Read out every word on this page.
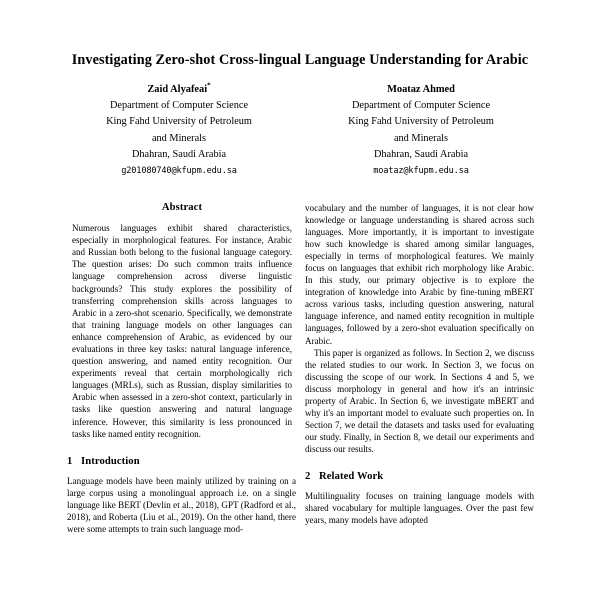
Investigating Zero-shot Cross-lingual Language Understanding for Arabic
Zaid Alyafeai*
Department of Computer Science
King Fahd University of Petroleum
and Minerals
Dhahran, Saudi Arabia
g201080740@kfupm.edu.sa
Moataz Ahmed
Department of Computer Science
King Fahd University of Petroleum
and Minerals
Dhahran, Saudi Arabia
moataz@kfupm.edu.sa
Abstract

Numerous languages exhibit shared characteristics, especially in morphological features. For instance, Arabic and Russian both belong to the fusional language category. The question arises: Do such common traits influence language comprehension across diverse linguistic backgrounds? This study explores the possibility of transferring comprehension skills across languages to Arabic in a zero-shot scenario. Specifically, we demonstrate that training language models on other languages can enhance comprehension of Arabic, as evidenced by our evaluations in three key tasks: natural language inference, question answering, and named entity recognition. Our experiments reveal that certain morphologically rich languages (MRLs), such as Russian, display similarities to Arabic when assessed in a zero-shot context, particularly in tasks like question answering and natural language inference. However, this similarity is less pronounced in tasks like named entity recognition.

1 Introduction

Language models have been mainly utilized by training on a large corpus using a monolingual approach i.e. on a single language like BERT (Devlin et al., 2018), GPT (Radford et al., 2018), and Roberta (Liu et al., 2019). On the other hand, there were some attempts to train such language mod-

vocabulary and the number of languages, it is not clear how knowledge or language understanding is shared across such languages. More importantly, it is important to investigate how such knowledge is shared among similar languages, especially in terms of morphological features. We mainly focus on languages that exhibit rich morphology like Arabic. In this study, our primary objective is to explore the integration of knowledge into Arabic by fine-tuning mBERT across various tasks, including question answering, natural language inference, and named entity recognition in multiple languages, followed by a zero-shot evaluation specifically on Arabic.

This paper is organized as follows. In Section 2, we discuss the related studies to our work. In Section 3, we focus on discussing the scope of our work. In Sections 4 and 5, we discuss morphology in general and how it's an intrinsic property of Arabic. In Section 6, we investigate mBERT and why it's an important model to evaluate such properties on. In Section 7, we detail the datasets and tasks used for evaluating our study. Finally, in Section 8, we detail our experiments and discuss our results.

2 Related Work

Multilinguality focuses on training language models with shared vocabulary for multiple languages. Over the past few years, many models have adopted
